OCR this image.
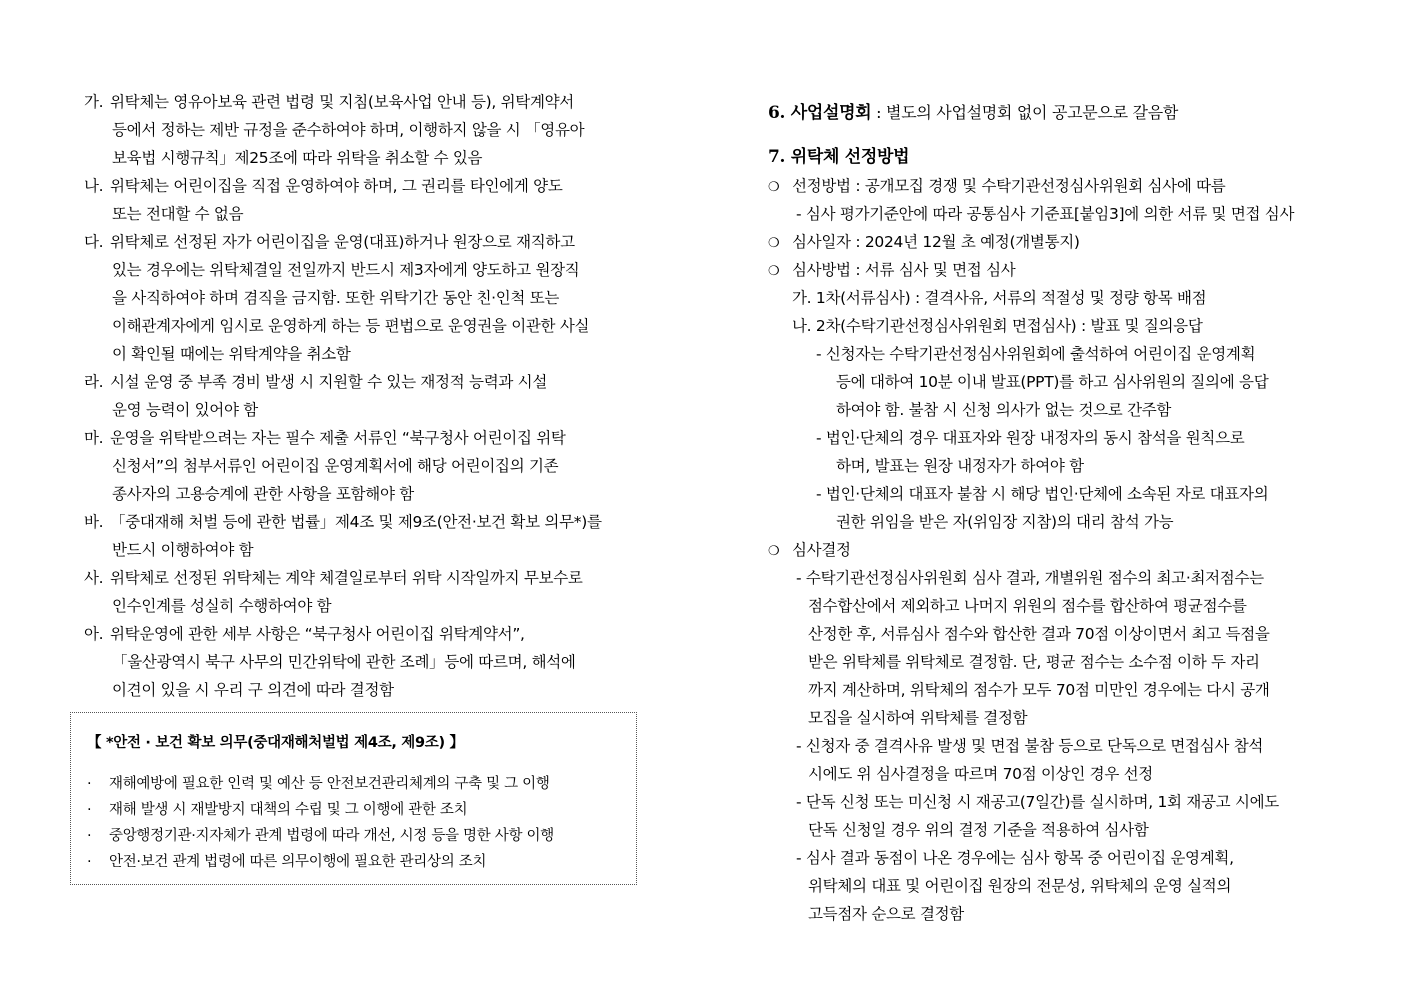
가. 위탁체는 영유아보육 관련 법령 및 지침(보육사업 안내 등), 위탁계약서
등에서 정하는 제반 규정을 준수하여야 하며, 이행하지 않을 시 「영유아
보육법 시행규칙」제25조에 따라 위탁을 취소할 수 있음
나. 위탁체는 어린이집을 직접 운영하여야 하며, 그 권리를 타인에게 양도
또는 전대할 수 없음
다. 위탁체로 선정된 자가 어린이집을 운영(대표)하거나 원장으로 재직하고
있는 경우에는 위탁체결일 전일까지 반드시 제3자에게 양도하고 원장직
을 사직하여야 하며 겸직을 금지함. 또한 위탁기간 동안 친·인척 또는
이해관계자에게 임시로 운영하게 하는 등 편법으로 운영권을 이관한 사실
이 확인될 때에는 위탁계약을 취소함
라. 시설 운영 중 부족 경비 발생 시 지원할 수 있는 재정적 능력과 시설
운영 능력이 있어야 함
마. 운영을 위탁받으려는 자는 필수 제출 서류인 “북구청사 어린이집 위탁
신청서”의 첨부서류인 어린이집 운영계획서에 해당 어린이집의 기존
종사자의 고용승계에 관한 사항을 포함해야 함
바. 「중대재해 처벌 등에 관한 법률」제4조 및 제9조(안전·보건 확보 의무*)를
반드시 이행하여야 함
사. 위탁체로 선정된 위탁체는 계약 체결일로부터 위탁 시작일까지 무보수로
인수인계를 성실히 수행하여야 함
아. 위탁운영에 관한 세부 사항은 “북구청사 어린이집 위탁계약서”,
「울산광역시 북구 사무의 민간위탁에 관한 조례」등에 따르며, 해석에
이견이 있을 시 우리 구 의견에 따라 결정함
【 *안전 · 보건 확보 의무(중대재해처벌법 제4조, 제9조) 】
· 재해예방에 필요한 인력 및 예산 등 안전보건관리체계의 구축 및 그 이행
· 재해 발생 시 재발방지 대책의 수립 및 그 이행에 관한 조치
· 중앙행정기관·지자체가 관계 법령에 따라 개선, 시정 등을 명한 사항 이행
· 안전·보건 관계 법령에 따른 의무이행에 필요한 관리상의 조치
6. 사업설명회 : 별도의 사업설명회 없이 공고문으로 갈음함
7. 위탁체 선정방법
❍ 선정방법 : 공개모집 경쟁 및 수탁기관선정심사위원회 심사에 따름
- 심사 평가기준안에 따라 공통심사 기준표[붙임3]에 의한 서류 및 면접 심사
❍ 심사일자 : 2024년 12월 초 예정(개별통지)
❍ 심사방법 : 서류 심사 및 면접 심사
가. 1차(서류심사) : 결격사유, 서류의 적절성 및 정량 항목 배점
나. 2차(수탁기관선정심사위원회 면접심사) : 발표 및 질의응답
- 신청자는 수탁기관선정심사위원회에 출석하여 어린이집 운영계획
등에 대하여 10분 이내 발표(PPT)를 하고 심사위원의 질의에 응답
하여야 함. 불참 시 신청 의사가 없는 것으로 간주함
- 법인·단체의 경우 대표자와 원장 내정자의 동시 참석을 원칙으로
하며, 발표는 원장 내정자가 하여야 함
- 법인·단체의 대표자 불참 시 해당 법인·단체에 소속된 자로 대표자의
권한 위임을 받은 자(위임장 지참)의 대리 참석 가능
❍ 심사결정
- 수탁기관선정심사위원회 심사 결과, 개별위원 점수의 최고·최저점수는
점수합산에서 제외하고 나머지 위원의 점수를 합산하여 평균점수를
산정한 후, 서류심사 점수와 합산한 결과 70점 이상이면서 최고 득점을
받은 위탁체를 위탁체로 결정함. 단, 평균 점수는 소수점 이하 두 자리
까지 계산하며, 위탁체의 점수가 모두 70점 미만인 경우에는 다시 공개
모집을 실시하여 위탁체를 결정함
- 신청자 중 결격사유 발생 및 면접 불참 등으로 단독으로 면접심사 참석
시에도 위 심사결정을 따르며 70점 이상인 경우 선정
- 단독 신청 또는 미신청 시 재공고(7일간)를 실시하며, 1회 재공고 시에도
단독 신청일 경우 위의 결정 기준을 적용하여 심사함
- 심사 결과 동점이 나온 경우에는 심사 항목 중 어린이집 운영계획,
위탁체의 대표 및 어린이집 원장의 전문성, 위탁체의 운영 실적의
고득점자 순으로 결정함
